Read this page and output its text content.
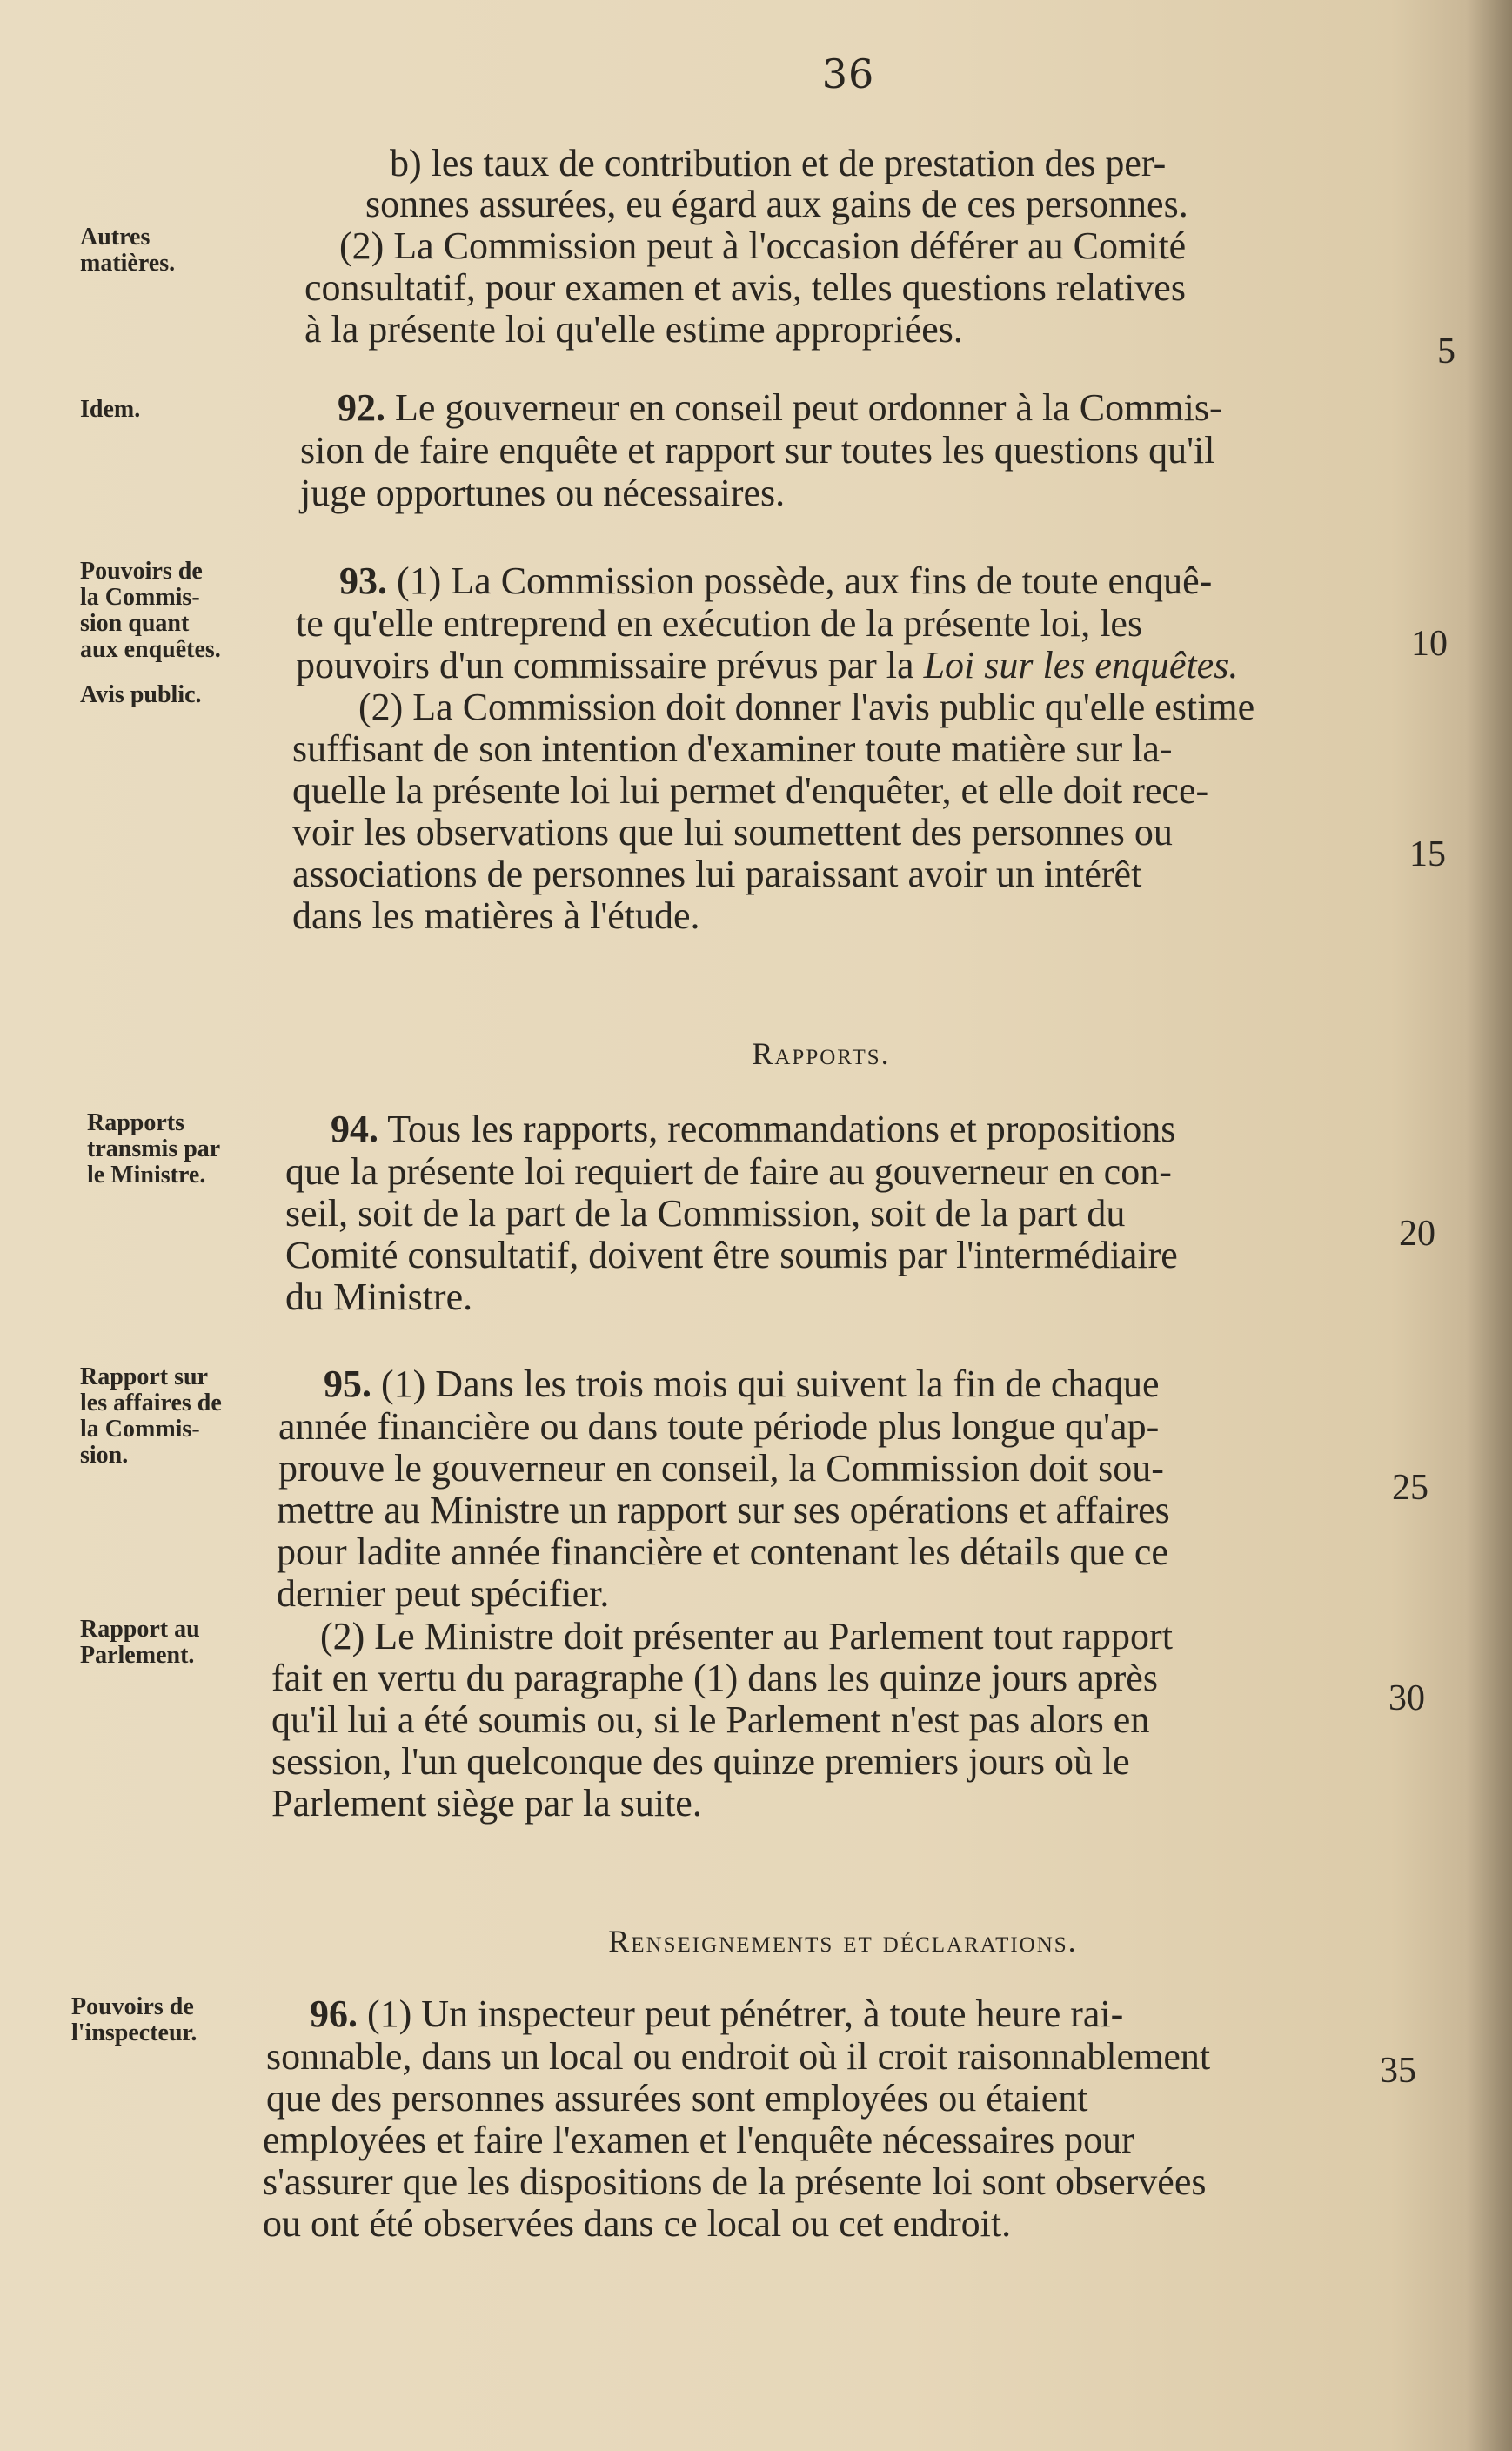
36
Autres
matières.
Idem.
Pouvoirs de
la Commis-
sion quant
aux enquêtes.
Avis public.
Rapports
transmis par
le Ministre.
Rapport sur
les affaires de
la Commis-
sion.
Rapport au
Parlement.
Pouvoirs de
l'inspecteur.
b) les taux de contribution et de prestation des per-
sonnes assurées, eu égard aux gains de ces personnes.
(2) La Commission peut à l'occasion déférer au Comité
consultatif, pour examen et avis, telles questions relatives
à la présente loi qu'elle estime appropriées.
92. Le gouverneur en conseil peut ordonner à la Commis-
sion de faire enquête et rapport sur toutes les questions qu'il
juge opportunes ou nécessaires.
93. (1) La Commission possède, aux fins de toute enquê-
te qu'elle entreprend en exécution de la présente loi, les
pouvoirs d'un commissaire prévus par la Loi sur les enquêtes.
(2) La Commission doit donner l'avis public qu'elle estime
suffisant de son intention d'examiner toute matière sur la-
quelle la présente loi lui permet d'enquêter, et elle doit rece-
voir les observations que lui soumettent des personnes ou
associations de personnes lui paraissant avoir un intérêt
dans les matières à l'étude.
Rapports.
94. Tous les rapports, recommandations et propositions
que la présente loi requiert de faire au gouverneur en con-
seil, soit de la part de la Commission, soit de la part du
Comité consultatif, doivent être soumis par l'intermédiaire
du Ministre.
95. (1) Dans les trois mois qui suivent la fin de chaque
année financière ou dans toute période plus longue qu'ap-
prouve le gouverneur en conseil, la Commission doit sou-
mettre au Ministre un rapport sur ses opérations et affaires
pour ladite année financière et contenant les détails que ce
dernier peut spécifier.
(2) Le Ministre doit présenter au Parlement tout rapport
fait en vertu du paragraphe (1) dans les quinze jours après
qu'il lui a été soumis ou, si le Parlement n'est pas alors en
session, l'un quelconque des quinze premiers jours où le
Parlement siège par la suite.
Renseignements et déclarations.
96. (1) Un inspecteur peut pénétrer, à toute heure rai-
sonnable, dans un local ou endroit où il croit raisonnablement
que des personnes assurées sont employées ou étaient
employées et faire l'examen et l'enquête nécessaires pour
s'assurer que les dispositions de la présente loi sont observées
ou ont été observées dans ce local ou cet endroit.
5
10
15
20
25
30
35
